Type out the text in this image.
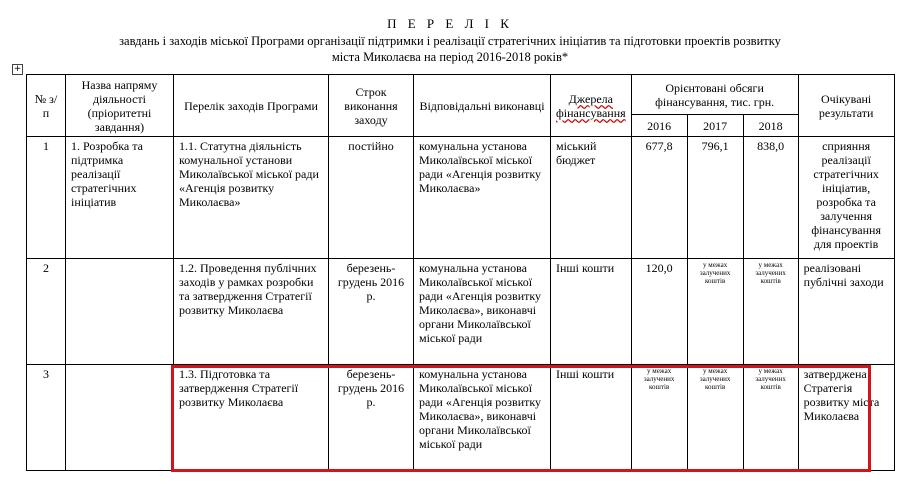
П Е Р Е Л І К
завдань і заходів міської Програми організації підтримки і реалізації стратегічних ініціатив та підготовки проектів розвитку
міста Миколаєва на період 2016-2018 років*
+
№ з/п	Назва напряму діяльності (пріоритетні завдання)	Перелік заходів Програми	Строк виконання заходу	Відповідальні виконавці	Джерела фінансування	Орієнтовані обсяги фінансування, тис. грн.			Очікувані результати
						2016	2017	2018	
1	1. Розробка та підтримка реалізації стратегічних ініціатив	1.1. Статутна діяльність комунальної установи Миколаївської міської ради «Агенція розвитку Миколаєва»	постійно	комунальна установа Миколаївської міської ради «Агенція розвитку Миколаєва»	міський бюджет	677,8	796,1	838,0	сприяння реалізації стратегічних ініціатив, розробка та залучення фінансування для проектів
2		1.2. Проведення публічних заходів у рамках розробки та затвердження Стратегії розвитку Миколаєва	березень-грудень 2016 р.	комунальна установа Миколаївської міської ради «Агенція розвитку Миколаєва», виконавчі органи Миколаївської міської ради	Інші кошти	120,0	у межах залучених коштів	у межах залучених коштів	реалізовані публічні заходи
3		1.3. Підготовка та затвердження Стратегії розвитку Миколаєва	березень-грудень 2016 р.	комунальна установа Миколаївської міської ради «Агенція розвитку Миколаєва», виконавчі органи Миколаївської міської ради	Інші кошти	у межах залучених коштів	у межах залучених коштів	у межах залучених коштів	затверджена Стратегія розвитку міста Миколаєва
